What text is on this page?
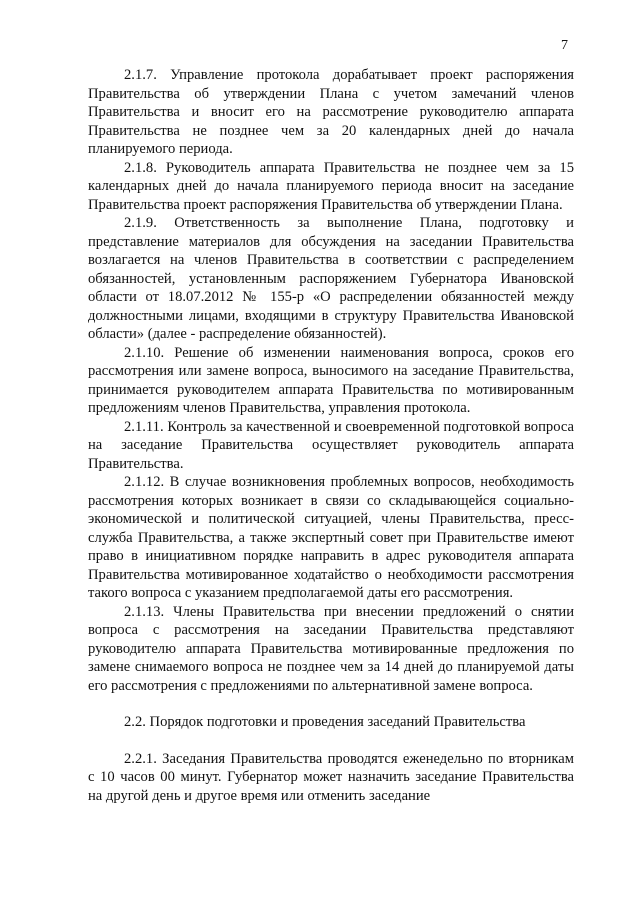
7

2.1.7. Управление протокола дорабатывает проект распоряжения Правительства об утверждении Плана с учетом замечаний членов Правительства и вносит его на рассмотрение руководителю аппарата Правительства не позднее чем за 20 календарных дней до начала планируемого периода.

2.1.8. Руководитель аппарата Правительства не позднее чем за 15 календарных дней до начала планируемого периода вносит на заседание Правительства проект распоряжения Правительства об утверждении Плана.

2.1.9. Ответственность за выполнение Плана, подготовку и представление материалов для обсуждения на заседании Правительства возлагается на членов Правительства в соответствии с распределением обязанностей, установленным распоряжением Губернатора Ивановской области от 18.07.2012 № 155-р «О распределении обязанностей между должностными лицами, входящими в структуру Правительства Ивановской области» (далее - распределение обязанностей).

2.1.10. Решение об изменении наименования вопроса, сроков его рассмотрения или замене вопроса, выносимого на заседание Правительства, принимается руководителем аппарата Правительства по мотивированным предложениям членов Правительства, управления протокола.

2.1.11. Контроль за качественной и своевременной подготовкой вопроса на заседание Правительства осуществляет руководитель аппарата Правительства.

2.1.12. В случае возникновения проблемных вопросов, необходимость рассмотрения которых возникает в связи со складывающейся социально-экономической и политической ситуацией, члены Правительства, пресс-служба Правительства, а также экспертный совет при Правительстве имеют право в инициативном порядке направить в адрес руководителя аппарата Правительства мотивированное ходатайство о необходимости рассмотрения такого вопроса с указанием предполагаемой даты его рассмотрения.

2.1.13. Члены Правительства при внесении предложений о снятии вопроса с рассмотрения на заседании Правительства представляют руководителю аппарата Правительства мотивированные предложения по замене снимаемого вопроса не позднее чем за 14 дней до планируемой даты его рассмотрения с предложениями по альтернативной замене вопроса.

2.2. Порядок подготовки и проведения заседаний Правительства

2.2.1. Заседания Правительства проводятся еженедельно по вторникам с 10 часов 00 минут. Губернатор может назначить заседание Правительства на другой день и другое время или отменить заседание
